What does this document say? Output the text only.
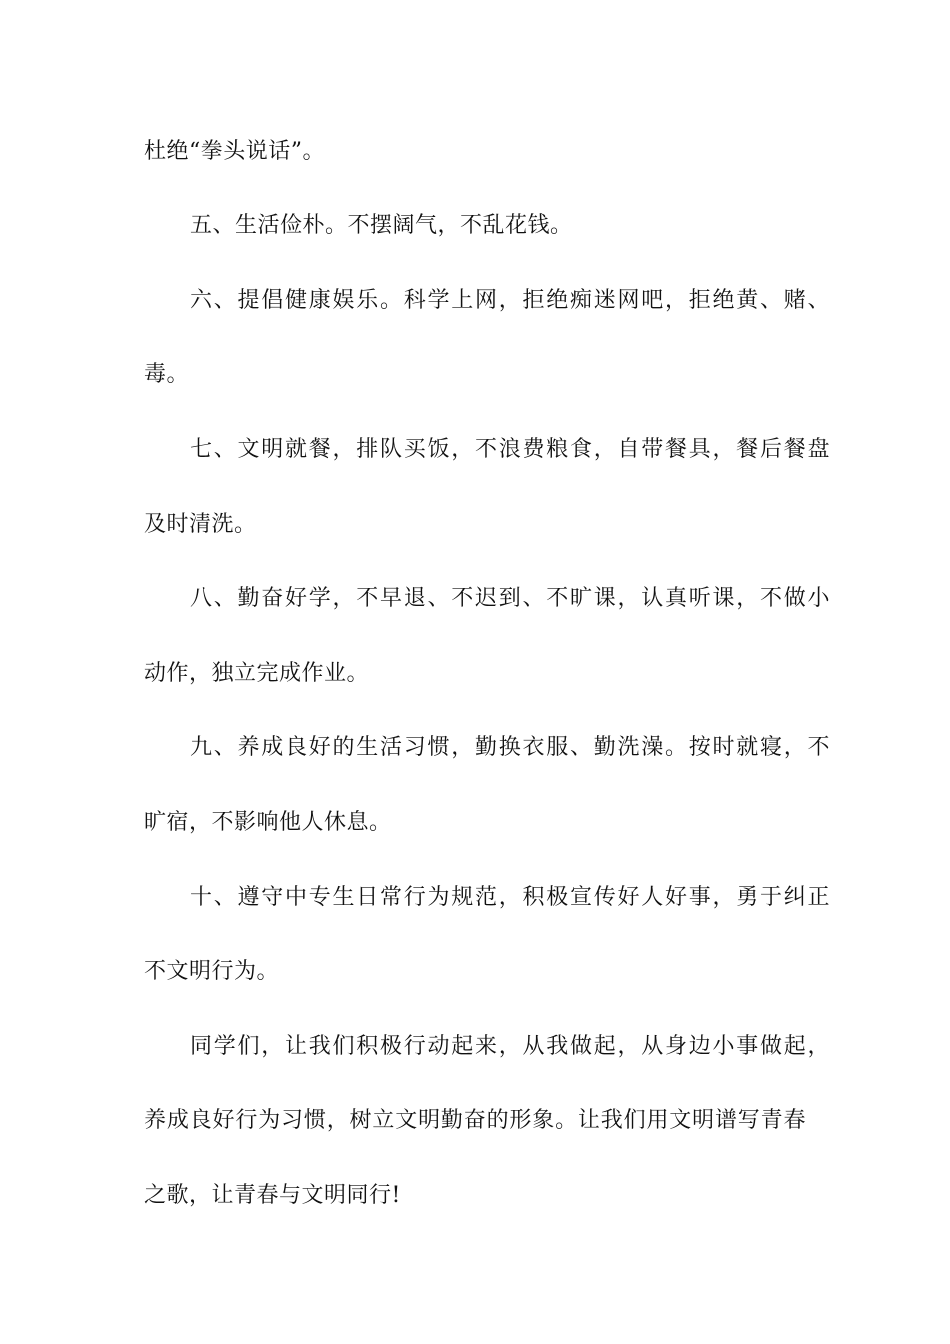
杜绝“拳头说话”。
五、生活俭朴。不摆阔气，不乱花钱。
六、提倡健康娱乐。科学上网，拒绝痴迷网吧，拒绝黄、赌、
毒。
七、文明就餐，排队买饭，不浪费粮食，自带餐具，餐后餐盘
及时清洗。
八、勤奋好学，不早退、不迟到、不旷课，认真听课，不做小
动作，独立完成作业。
九、养成良好的生活习惯，勤换衣服、勤洗澡。按时就寝，不
旷宿，不影响他人休息。
十、遵守中专生日常行为规范，积极宣传好人好事，勇于纠正
不文明行为。
同学们，让我们积极行动起来，从我做起，从身边小事做起，
养成良好行为习惯，树立文明勤奋的形象。让我们用文明谱写青春
之歌，让青春与文明同行!
